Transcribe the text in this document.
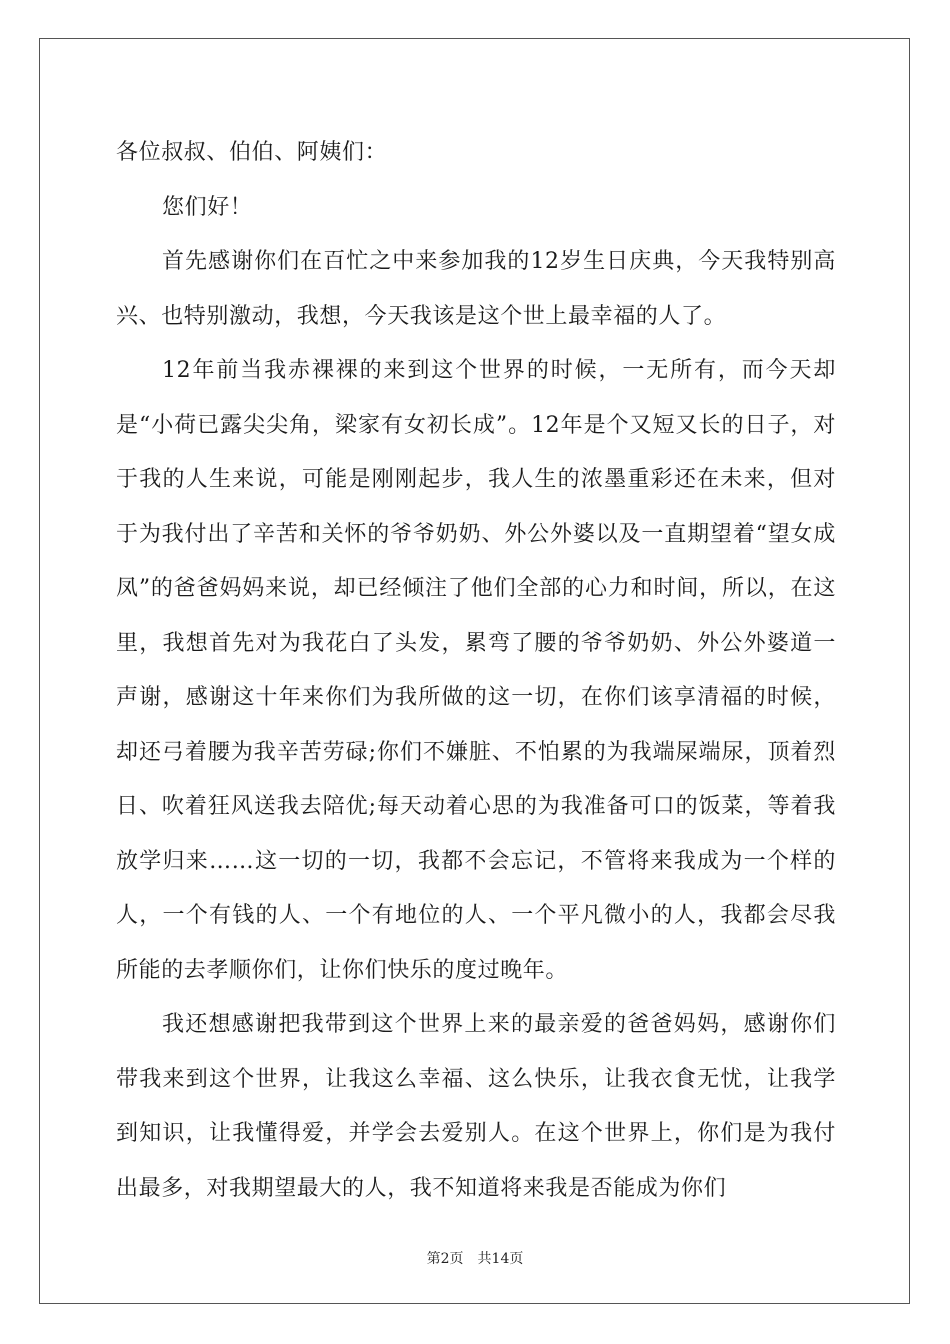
各位叔叔、伯伯、阿姨们：

您们好！

首先感谢你们在百忙之中来参加我的12岁生日庆典，今天我特别高兴、也特别激动，我想，今天我该是这个世上最幸福的人了。

12年前当我赤裸裸的来到这个世界的时候，一无所有，而今天却是“小荷已露尖尖角，梁家有女初长成”。12年是个又短又长的日子，对于我的人生来说，可能是刚刚起步，我人生的浓墨重彩还在未来，但对于为我付出了辛苦和关怀的爷爷奶奶、外公外婆以及一直期望着“望女成凤”的爸爸妈妈来说，却已经倾注了他们全部的心力和时间，所以，在这里，我想首先对为我花白了头发，累弯了腰的爷爷奶奶、外公外婆道一声谢，感谢这十年来你们为我所做的这一切，在你们该享清福的时候，却还弓着腰为我辛苦劳碌;你们不嫌脏、不怕累的为我端屎端尿，顶着烈日、吹着狂风送我去陪优;每天动着心思的为我准备可口的饭菜，等着我放学归来……这一切的一切，我都不会忘记，不管将来我成为一个样的人，一个有钱的人、一个有地位的人、一个平凡微小的人，我都会尽我所能的去孝顺你们，让你们快乐的度过晚年。

我还想感谢把我带到这个世界上来的最亲爱的爸爸妈妈，感谢你们带我来到这个世界，让我这么幸福、这么快乐，让我衣食无忧，让我学到知识，让我懂得爱，并学会去爱别人。在这个世界上，你们是为我付出最多，对我期望最大的人，我不知道将来我是否能成为你们

第2页 共14页
